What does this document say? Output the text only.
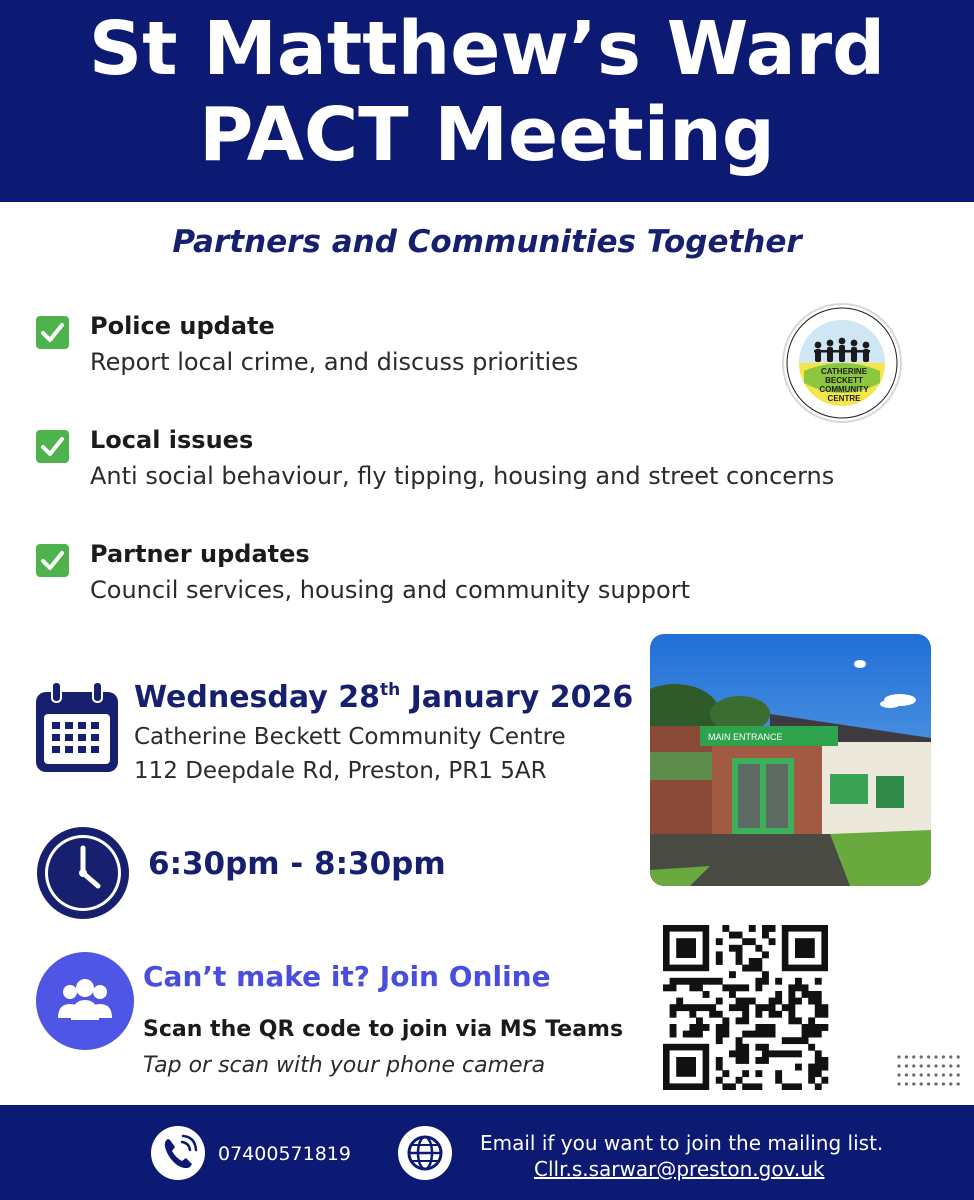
St Matthew’s Ward
PACT Meeting
Partners and Communities Together
Police update
Report local crime, and discuss priorities
Local issues
Anti social behaviour, fly tipping, housing and street concerns
Partner updates
Council services, housing and community support
CATHERINE BECKETT COMMUNITY CENTRE
MAIN ENTRANCE
Wednesday 28th January 2026
Catherine Beckett Community Centre
112 Deepdale Rd, Preston, PR1 5AR
6:30pm - 8:30pm
Can’t make it? Join Online
Scan the QR code to join via MS Teams
Tap or scan with your phone camera
07400571819	Email if you want to join the mailing list.
Cllr.s.sarwar@preston.gov.uk
